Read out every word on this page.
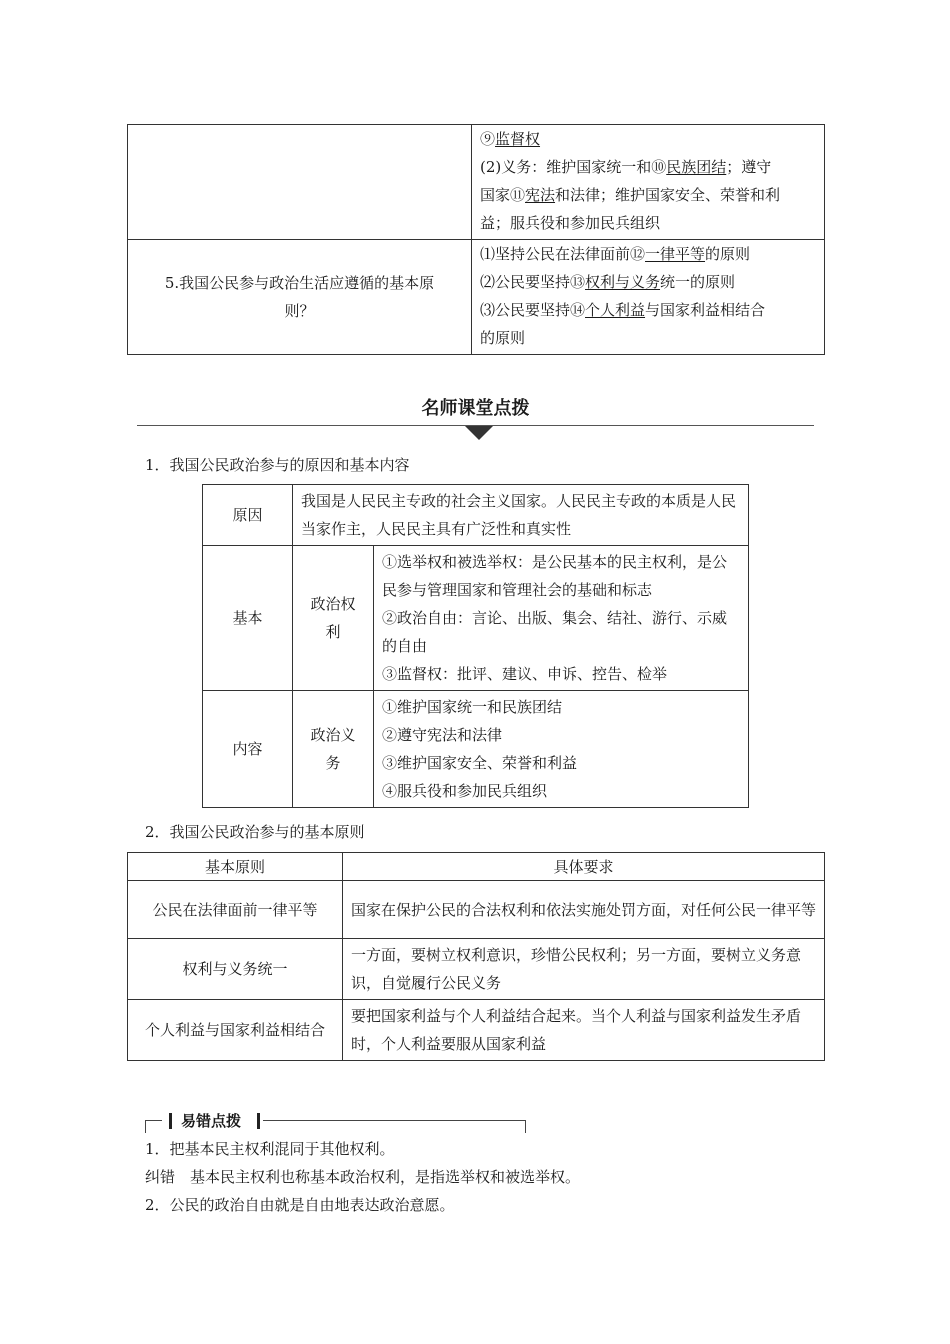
	⑨监督权
(2)义务：维护国家统一和⑩民族团结；遵守
国家⑪宪法和法律；维护国家安全、荣誉和利
益；服兵役和参加民兵组织

5.我国公民参与政治生活应遵循的基本原则？	⑴坚持公民在法律面前⑫一律平等的原则
⑵公民要坚持⑬权利与义务统一的原则
⑶公民要坚持⑭个人利益与国家利益相结合
的原则
名师课堂点拨
1．我国公民政治参与的原因和基本内容
原因	我国是人民民主专政的社会主义国家。人民民主专政的本质是人民当家作主，人民民主具有广泛性和真实性	
基本	政治权利	①选举权和被选举权：是公民基本的民主权利，是公民参与管理国家和管理社会的基础和标志
②政治自由：言论、出版、集会、结社、游行、示威的自由
③监督权：批评、建议、申诉、控告、检举

内容	政治义务	①维护国家统一和民族团结
②遵守宪法和法律
③维护国家安全、荣誉和利益
④服兵役和参加民兵组织
2．我国公民政治参与的基本原则
基本原则	具体要求
公民在法律面前一律平等	国家在保护公民的合法权利和依法实施处罚方面，对任何公民一律平等
权利与义务统一	一方面，要树立权利意识，珍惜公民权利；另一方面，要树立义务意识，自觉履行公民义务

个人利益与国家利益相结合	要把国家利益与个人利益结合起来。当个人利益与国家利益发生矛盾时，个人利益要服从国家利益
易错点拨
1．把基本民主权利混同于其他权利。
纠错　基本民主权利也称基本政治权利，是指选举权和被选举权。
2．公民的政治自由就是自由地表达政治意愿。
